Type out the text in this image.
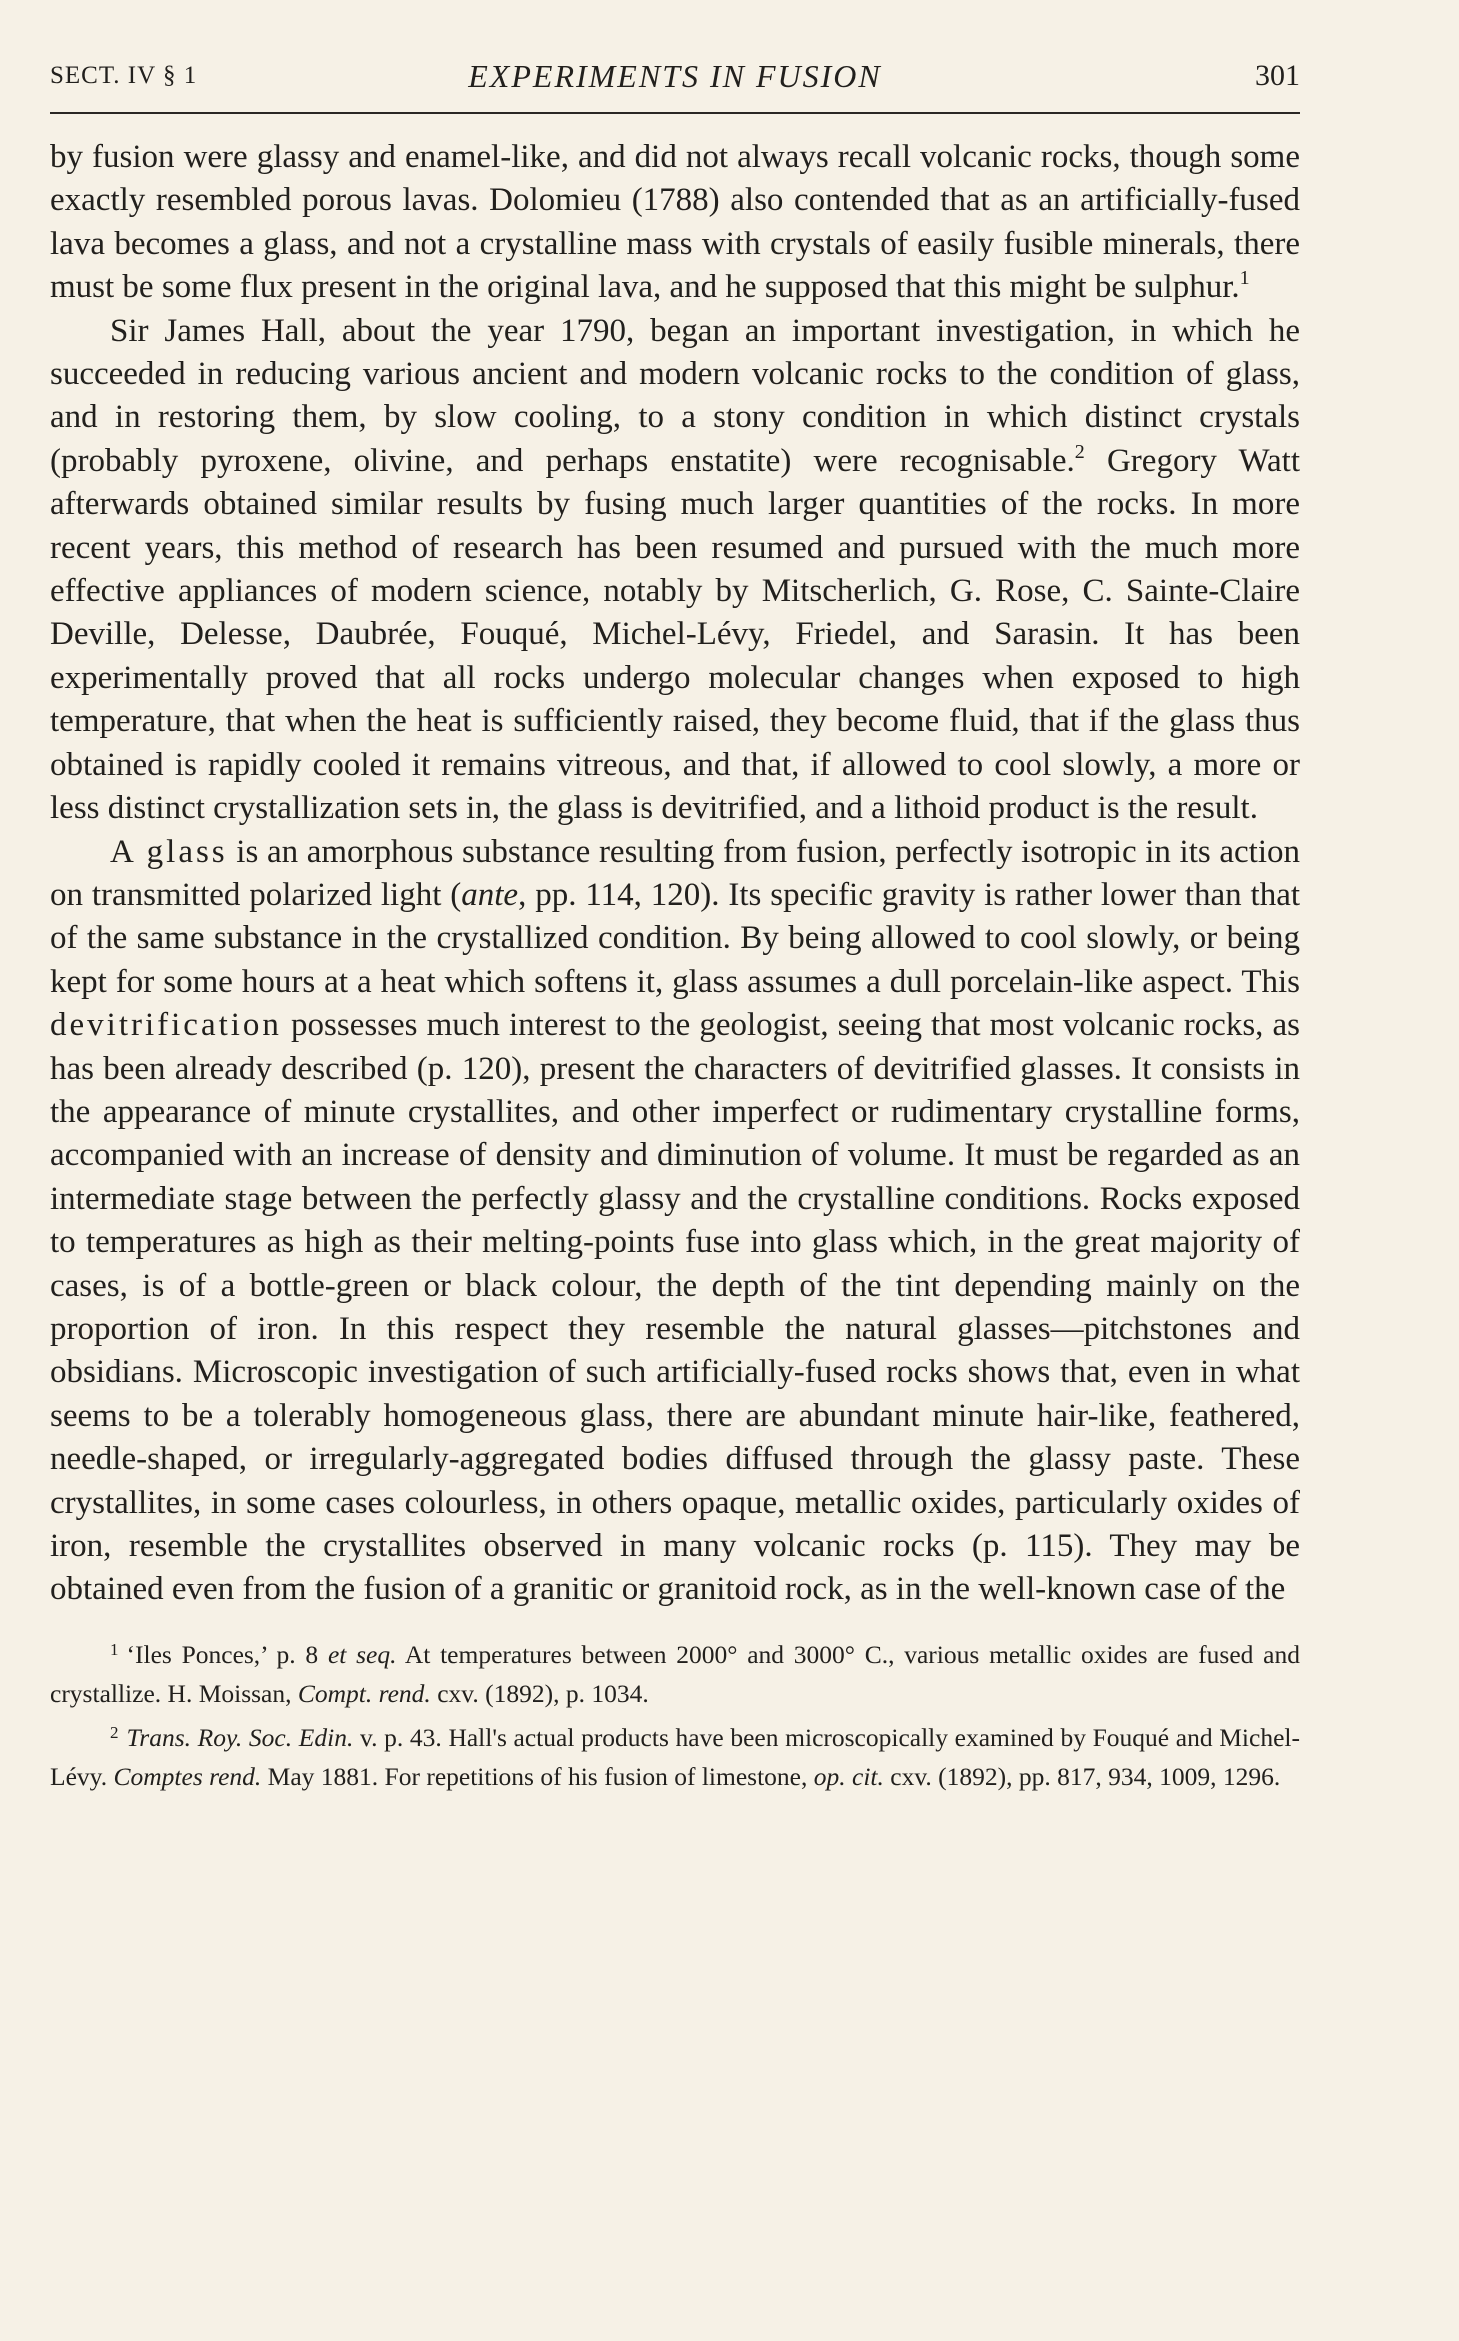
SECT. IV § 1	EXPERIMENTS IN FUSION	301

by fusion were glassy and enamel-like, and did not always recall volcanic rocks, though some exactly resembled porous lavas. Dolomieu (1788) also contended that as an artificially-fused lava becomes a glass, and not a crystalline mass with crystals of easily fusible minerals, there must be some flux present in the original lava, and he supposed that this might be sulphur.$^1$

Sir James Hall, about the year 1790, began an important investigation, in which he succeeded in reducing various ancient and modern volcanic rocks to the condition of glass, and in restoring them, by slow cooling, to a stony condition in which distinct crystals (probably pyroxene, olivine, and perhaps enstatite) were recognisable.$^2$ Gregory Watt afterwards obtained similar results by fusing much larger quantities of the rocks. In more recent years, this method of research has been resumed and pursued with the much more effective appliances of modern science, notably by Mitscherlich, G. Rose, C. Sainte-Claire Deville, Delesse, Daubrée, Fouqué, Michel-Lévy, Friedel, and Sarasin. It has been experimentally proved that all rocks undergo molecular changes when exposed to high temperature, that when the heat is sufficiently raised, they become fluid, that if the glass thus obtained is rapidly cooled it remains vitreous, and that, if allowed to cool slowly, a more or less distinct crystallization sets in, the glass is devitrified, and a lithoid product is the result.

A glass is an amorphous substance resulting from fusion, perfectly isotropic in its action on transmitted polarized light (ante, pp. 114, 120). Its specific gravity is rather lower than that of the same substance in the crystallized condition. By being allowed to cool slowly, or being kept for some hours at a heat which softens it, glass assumes a dull porcelain-like aspect. This devitrification possesses much interest to the geologist, seeing that most volcanic rocks, as has been already described (p. 120), present the characters of devitrified glasses. It consists in the appearance of minute crystallites, and other imperfect or rudimentary crystalline forms, accompanied with an increase of density and diminution of volume. It must be regarded as an intermediate stage between the perfectly glassy and the crystalline conditions. Rocks exposed to temperatures as high as their melting-points fuse into glass which, in the great majority of cases, is of a bottle-green or black colour, the depth of the tint depending mainly on the proportion of iron. In this respect they resemble the natural glasses—pitchstones and obsidians. Microscopic investigation of such artificially-fused rocks shows that, even in what seems to be a tolerably homogeneous glass, there are abundant minute hair-like, feathered, needle-shaped, or irregularly-aggregated bodies diffused through the glassy paste. These crystallites, in some cases colourless, in others opaque, metallic oxides, particularly oxides of iron, resemble the crystallites observed in many volcanic rocks (p. 115). They may be obtained even from the fusion of a granitic or granitoid rock, as in the well-known case of the

$^1$ ‘Iles Ponces,’ p. 8 et seq. At temperatures between 2000° and 3000° C., various metallic oxides are fused and crystallize. H. Moissan, Compt. rend. cxv. (1892), p. 1034.

$^2$ Trans. Roy. Soc. Edin. v. p. 43. Hall's actual products have been microscopically examined by Fouqué and Michel-Lévy. Comptes rend. May 1881. For repetitions of his fusion of limestone, op. cit. cxv. (1892), pp. 817, 934, 1009, 1296.
